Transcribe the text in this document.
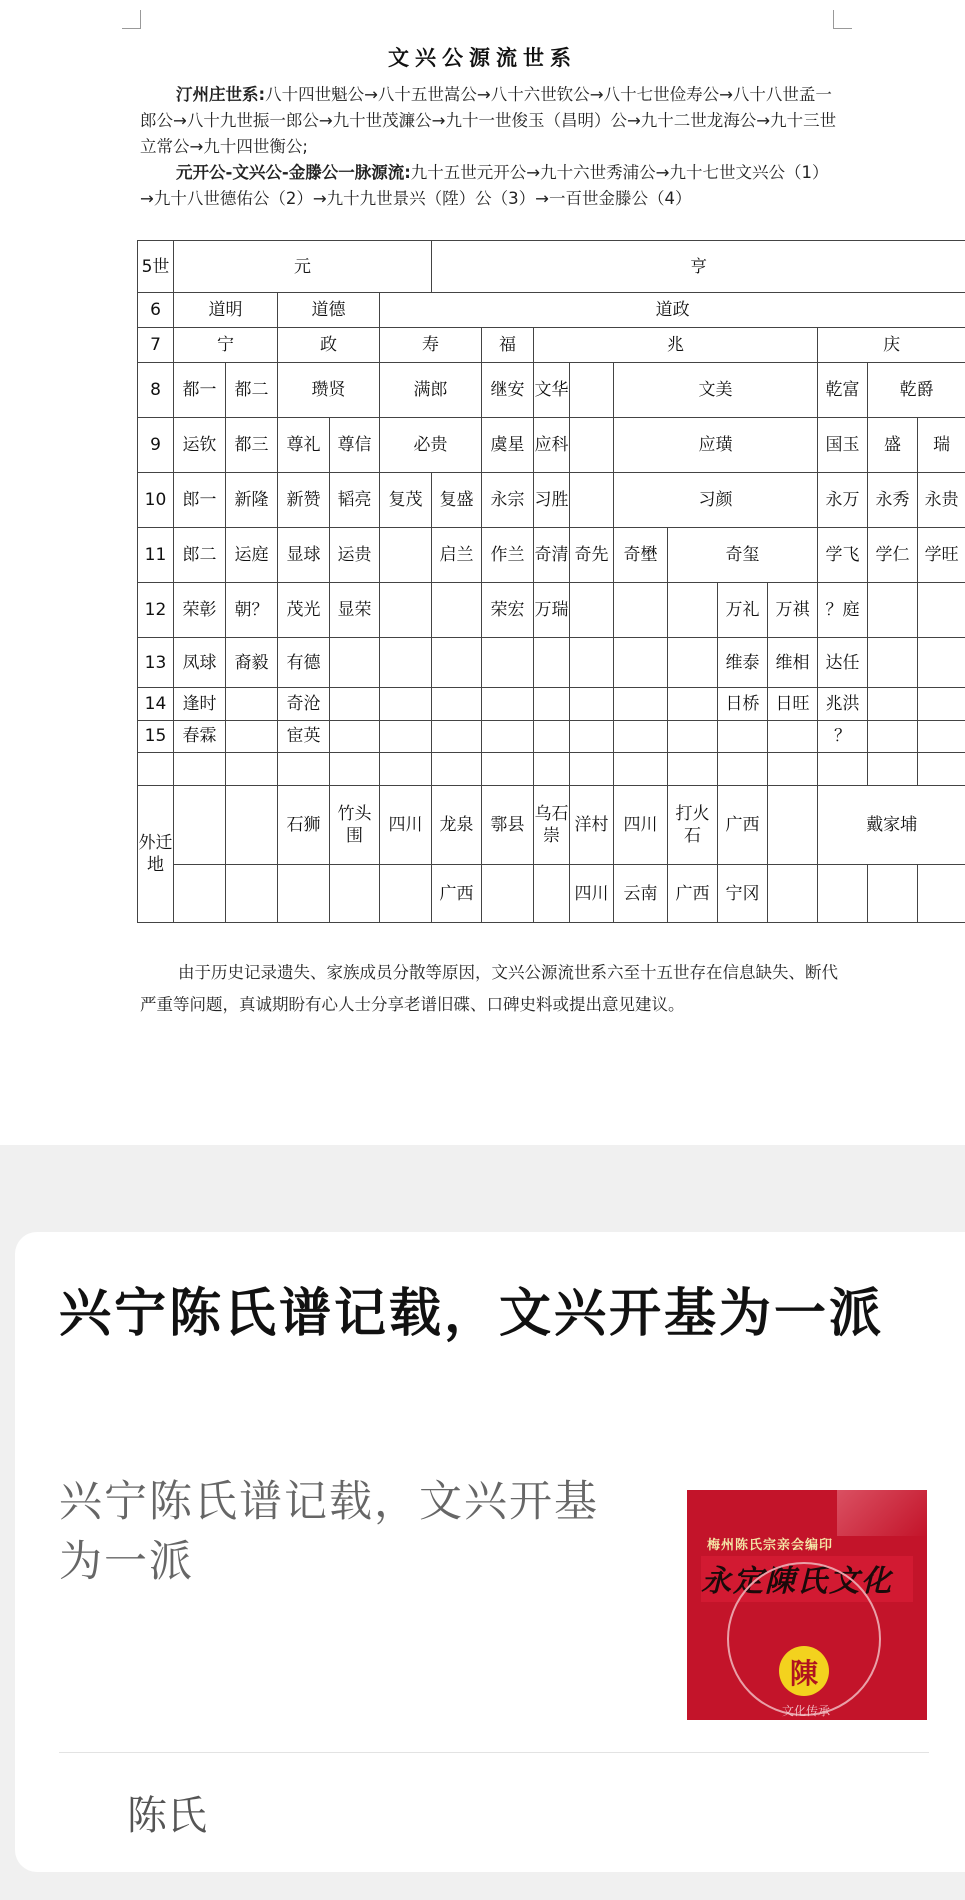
文兴公源流世系
汀州庄世系:八十四世魁公→八十五世嵩公→八十六世钦公→八十七世俭寿公→八十八世孟一郎公→八十九世振一郎公→九十世茂濂公→九十一世俊玉（昌明）公→九十二世龙海公→九十三世立常公→九十四世衡公;
元开公-文兴公-金滕公一脉源流:九十五世元开公→九十六世秀浦公→九十七世文兴公（1）→九十八世德佑公（2）→九十九世景兴（陞）公（3）→一百世金滕公（4）
5世	元					亨										
6	道明		道德		道政											
7	宁		政		寿		福	兆						庆		
8	都一	都二	瓒贤		满郎		继安	文华		文美				乾富	乾爵	
9	运钦	都三	尊礼	尊信	必贵		虞星	应科		应璜				国玉	盛	瑞
10	郎一	新隆	新赞	韬亮	复茂	复盛	永宗	习胜		习颜				永万	永秀	永贵
11	郎二	运庭	显球	运贵		启兰	作兰	奇清	奇先	奇壄	奇玺			学飞	学仁	学旺
12	荣彰	朝？	茂光	显荣			荣宏	万瑞				万礼	万祺	？庭		
13	凤球	裔毅	有德									维泰	维相	达任		
14	逢时		奇沧									日桥	日旺	兆洪		
15	春霖		宦英											？		

外迁地			石狮	竹头围	四川	龙泉	鄠县	乌石崇	洋村	四川	打火石	广西		戴家埔		
						广西			四川	云南	广西	宁冈				
由于历史记录遗失、家族成员分散等原因，文兴公源流世系六至十五世存在信息缺失、断代严重等问题，真诚期盼有心人士分享老谱旧碟、口碑史料或提出意见建议。
兴宁陈氏谱记载，文兴开基为一派
兴宁陈氏谱记载，文兴开基为一派	梅州陈氏宗亲会编印
永定陳氏文化
陳
文化传承
陈氏
